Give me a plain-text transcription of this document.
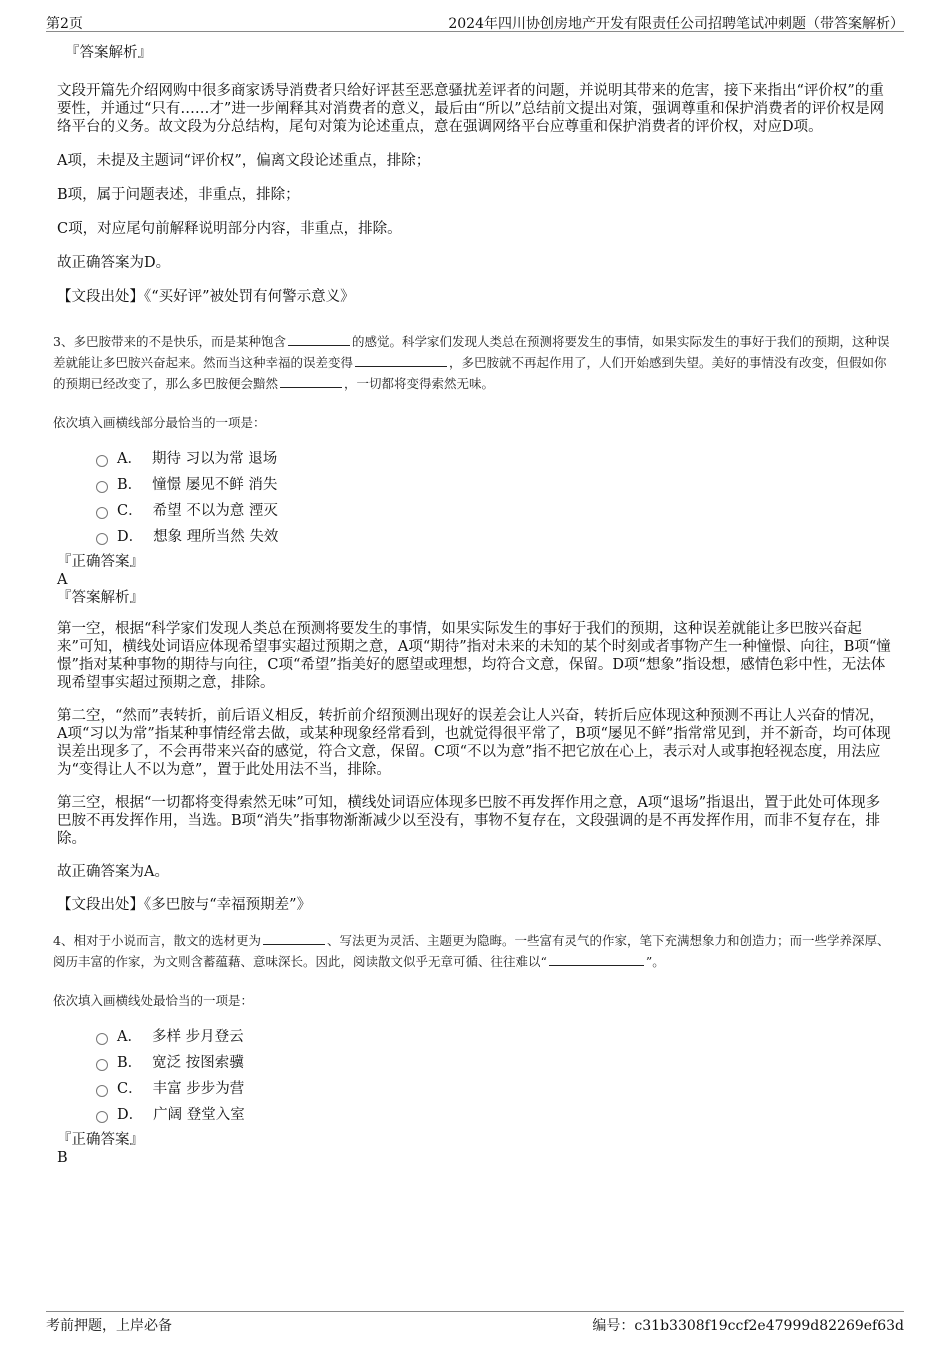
第2页	2024年四川协创房地产开发有限责任公司招聘笔试冲刺题（带答案解析）
『答案解析』

文段开篇先介绍网购中很多商家诱导消费者只给好评甚至恶意骚扰差评者的问题，并说明其带来的危害，接下来指出“评价权”的重要性，并通过“只有……才”进一步阐释其对消费者的意义，最后由“所以”总结前文提出对策，强调尊重和保护消费者的评价权是网络平台的义务。故文段为分总结构，尾句对策为论述重点，意在强调网络平台应尊重和保护消费者的评价权，对应D项。

A项，未提及主题词“评价权”，偏离文段论述重点，排除；

B项，属于问题表述，非重点，排除；

C项，对应尾句前解释说明部分内容，非重点，排除。

故正确答案为D。

【文段出处】《“买好评”被处罚有何警示意义》

3、多巴胺带来的不是快乐，而是某种饱含	的感觉。科学家们发现人类总在预测将要发生的事情，如果实际发生的事好于我们的预期，这种误差就能让多巴胺兴奋起来。然而当这种幸福的误差变得	，多巴胺就不再起作用了，人们开始感到失望。美好的事情没有改变，但假如你的预期已经改变了，那么多巴胺便会黯然	，一切都将变得索然无味。
依次填入画横线部分最恰当的一项是：
A． 期待 习以为常 退场
B． 憧憬 屡见不鲜 消失
C． 希望 不以为意 湮灭
D． 想象 理所当然 失效
『正确答案』
A
『答案解析』

第一空，根据“科学家们发现人类总在预测将要发生的事情，如果实际发生的事好于我们的预期，这种误差就能让多巴胺兴奋起来”可知，横线处词语应体现希望事实超过预期之意，A项“期待”指对未来的未知的某个时刻或者事物产生一种憧憬、向往，B项“憧憬”指对某种事物的期待与向往，C项“希望”指美好的愿望或理想，均符合文意，保留。D项“想象”指设想，感情色彩中性，无法体现希望事实超过预期之意，排除。

第二空，“然而”表转折，前后语义相反，转折前介绍预测出现好的误差会让人兴奋，转折后应体现这种预测不再让人兴奋的情况，A项“习以为常”指某种事情经常去做，或某种现象经常看到，也就觉得很平常了，B项“屡见不鲜”指常常见到，并不新奇，均可体现误差出现多了，不会再带来兴奋的感觉，符合文意，保留。C项“不以为意”指不把它放在心上，表示对人或事抱轻视态度，用法应为“变得让人不以为意”，置于此处用法不当，排除。

第三空，根据“一切都将变得索然无味”可知，横线处词语应体现多巴胺不再发挥作用之意，A项“退场”指退出，置于此处可体现多巴胺不再发挥作用，当选。B项“消失”指事物渐渐减少以至没有，事物不复存在，文段强调的是不再发挥作用，而非不复存在，排除。

故正确答案为A。

【文段出处】《多巴胺与“幸福预期差”》

4、相对于小说而言，散文的选材更为	、写法更为灵活、主题更为隐晦。一些富有灵气的作家，笔下充满想象力和创造力；而一些学养深厚、阅历丰富的作家，为文则含蓄蕴藉、意味深长。因此，阅读散文似乎无章可循、往往难以“	”。
依次填入画横线处最恰当的一项是：
A． 多样 步月登云
B． 宽泛 按图索骥
C． 丰富 步步为营
D． 广阔 登堂入室
『正确答案』
B
考前押题，上岸必备	编号：c31b3308f19ccf2e47999d82269ef63d
